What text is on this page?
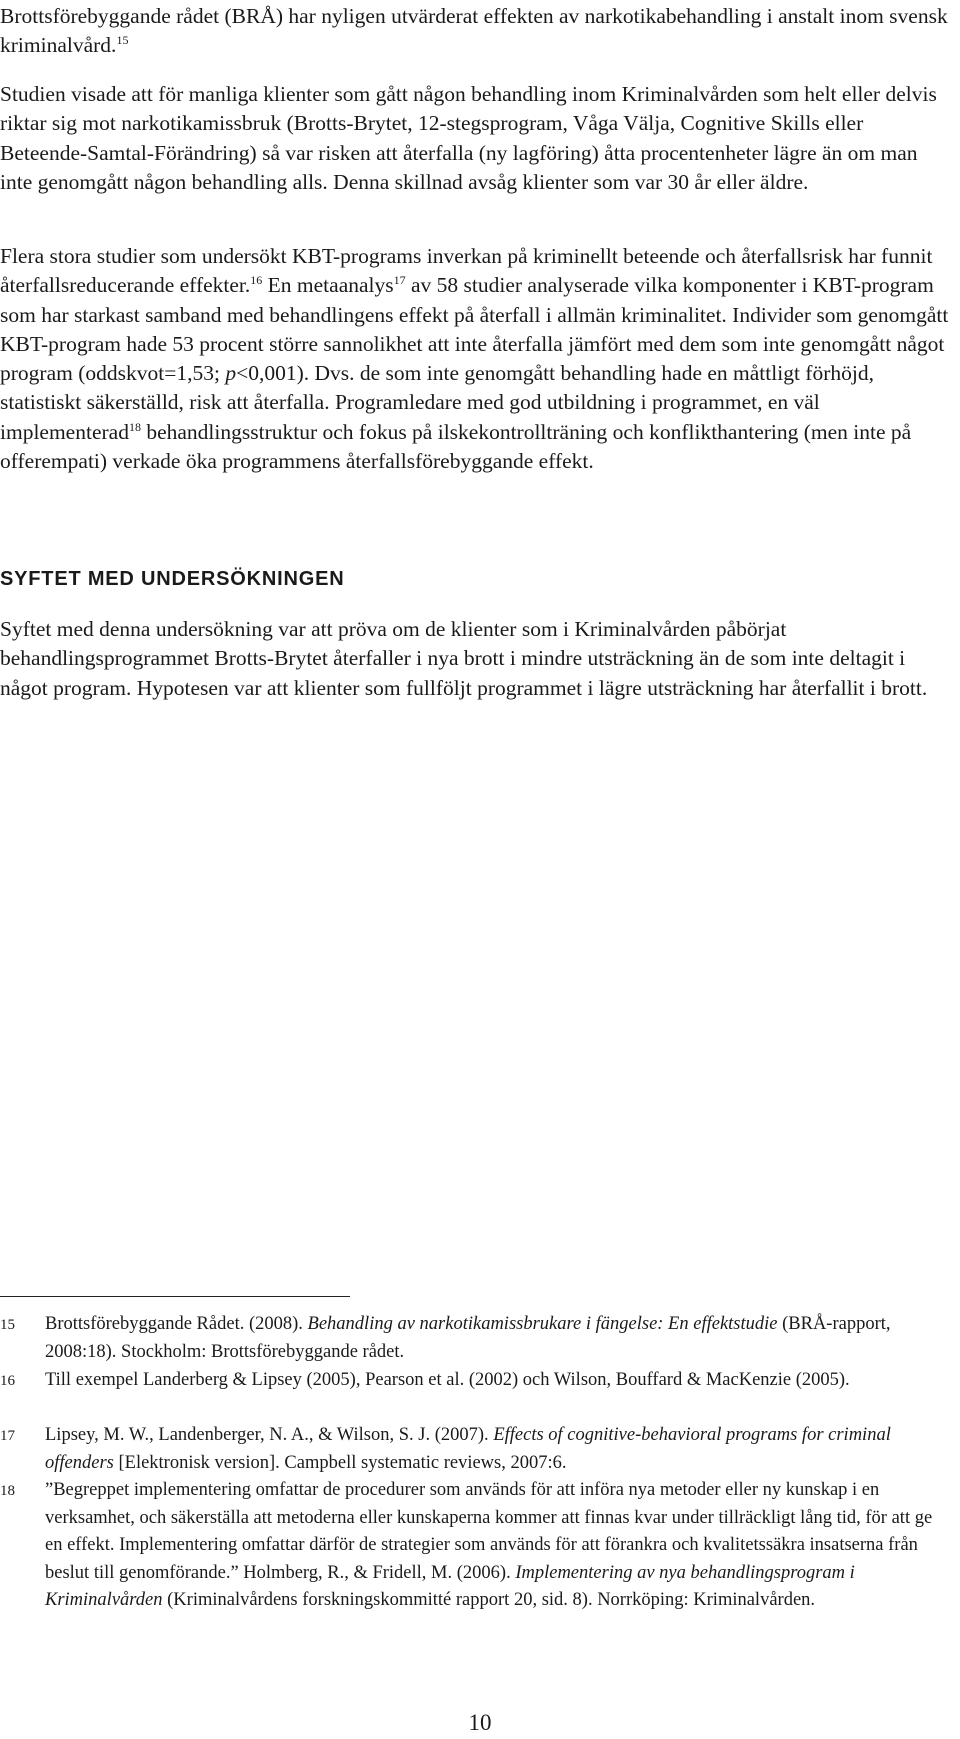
Brottsförebyggande rådet (BRÅ) har nyligen utvärderat effekten av narkotikabehandling i anstalt inom svensk kriminalvård.$^{15}$

Studien visade att för manliga klienter som gått någon behandling inom Kriminalvården som helt eller delvis riktar sig mot narkotikamissbruk (Brotts-Brytet, 12-stegsprogram, Våga Välja, Cognitive Skills eller Beteende-Samtal-Förändring) så var risken att återfalla (ny lagföring) åtta procentenheter lägre än om man inte genomgått någon behandling alls. Denna skillnad avsåg klienter som var 30 år eller äldre.

Flera stora studier som undersökt KBT-programs inverkan på kriminellt beteende och återfallsrisk har funnit återfallsreducerande effekter.$^{16}$ En metaanalys$^{17}$ av 58 studier analyserade vilka komponenter i KBT-program som har starkast samband med behandlingens effekt på återfall i allmän kriminalitet. Individer som genomgått KBT-program hade 53 procent större sannolikhet att inte återfalla jämfört med dem som inte genomgått något program (oddskvot=1,53; p<0,001). Dvs. de som inte genomgått behandling hade en måttligt förhöjd, statistiskt säkerställd, risk att återfalla. Programledare med god utbildning i programmet, en väl implementerad$^{18}$ behandlingsstruktur och fokus på ilskekontrollträning och konflikthantering (men inte på offerempati) verkade öka programmens återfallsförebyggande effekt.

SYFTET MED UNDERSÖKNINGEN

Syftet med denna undersökning var att pröva om de klienter som i Kriminalvården påbörjat behandlingsprogrammet Brotts-Brytet återfaller i nya brott i mindre utsträckning än de som inte deltagit i något program. Hypotesen var att klienter som fullföljt programmet i lägre utsträckning har återfallit i brott.

15 Brottsförebyggande Rådet. (2008). Behandling av narkotikamissbrukare i fängelse: En effektstudie (BRÅ-rapport, 2008:18). Stockholm: Brottsförebyggande rådet.
16 Till exempel Landerberg & Lipsey (2005), Pearson et al. (2002) och Wilson, Bouffard & MacKenzie (2005).
17 Lipsey, M. W., Landenberger, N. A., & Wilson, S. J. (2007). Effects of cognitive-behavioral programs for criminal offenders [Elektronisk version]. Campbell systematic reviews, 2007:6.
18 ”Begreppet implementering omfattar de procedurer som används för att införa nya metoder eller ny kunskap i en verksamhet, och säkerställa att metoderna eller kunskaperna kommer att finnas kvar under tillräckligt lång tid, för att ge en effekt. Implementering omfattar därför de strategier som används för att förankra och kvalitetssäkra insatserna från beslut till genomförande.” Holmberg, R., & Fridell, M. (2006). Implementering av nya behandlingsprogram i Kriminalvården (Kriminalvårdens forskningskommitté rapport 20, sid. 8). Norrköping: Kriminalvården.
10
